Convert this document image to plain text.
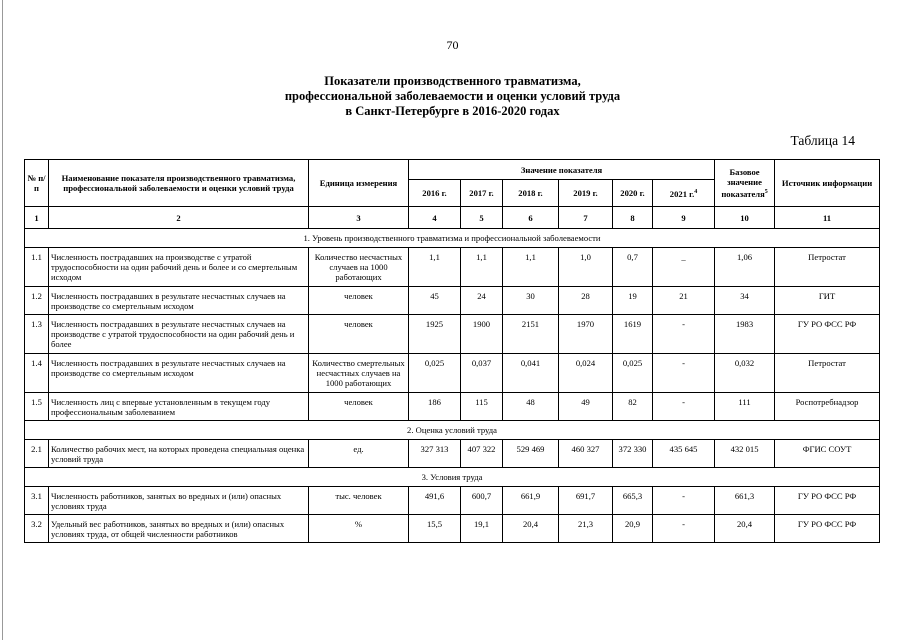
70
Показатели производственного травматизма,
профессиональной заболеваемости и оценки условий труда
в Санкт-Петербурге в 2016-2020 годах
Таблица 14
№ п/п	Наименование показателя производственного травматизма, профессиональной заболеваемости и оценки условий труда	Единица измерения	Значение показателя						Базовое значение показателя$^5$	Источник информации
			2016 г.	2017 г.	2018 г.	2019 г.	2020 г.	2021 г.$^4$
1	2	3	4	5	6	7	8	9	10	11
1. Уровень производственного травматизма и профессиональной заболеваемости										
1.1	Численность пострадавших на производстве с утратой трудоспособности на один рабочий день и более и со смертельным исходом	Количество несчастных случаев на 1000 работающих	1,1	1,1	1,1	1,0	0,7	_	1,06	Петростат
1.2	Численность пострадавших в результате несчастных случаев на производстве со смертельным исходом	человек	45	24	30	28	19	21	34	ГИТ
1.3	Численность пострадавших в результате несчастных случаев на производстве с утратой трудоспособности на один рабочий день и более	человек	1925	1900	2151	1970	1619	-	1983	ГУ РО ФСС РФ
1.4	Численность пострадавших в результате несчастных случаев на производстве со смертельным исходом	Количество смертельных несчастных случаев на 1000 работающих	0,025	0,037	0,041	0,024	0,025	-	0,032	Петростат
1.5	Численность лиц с впервые установленным в текущем году профессиональным заболеванием	человек	186	115	48	49	82	-	111	Роспотребнадзор
2. Оценка условий труда										
2.1	Количество рабочих мест, на которых проведена специальная оценка условий труда	ед.	327 313	407 322	529 469	460 327	372 330	435 645	432 015	ФГИС СОУТ
3. Условия труда										
3.1	Численность работников, занятых во вредных и (или) опасных условиях труда	тыс. человек	491,6	600,7	661,9	691,7	665,3	-	661,3	ГУ РО ФСС РФ
3.2	Удельный вес работников, занятых во вредных и (или) опасных условиях труда, от общей численности работников	%	15,5	19,1	20,4	21,3	20,9	-	20,4	ГУ РО ФСС РФ
